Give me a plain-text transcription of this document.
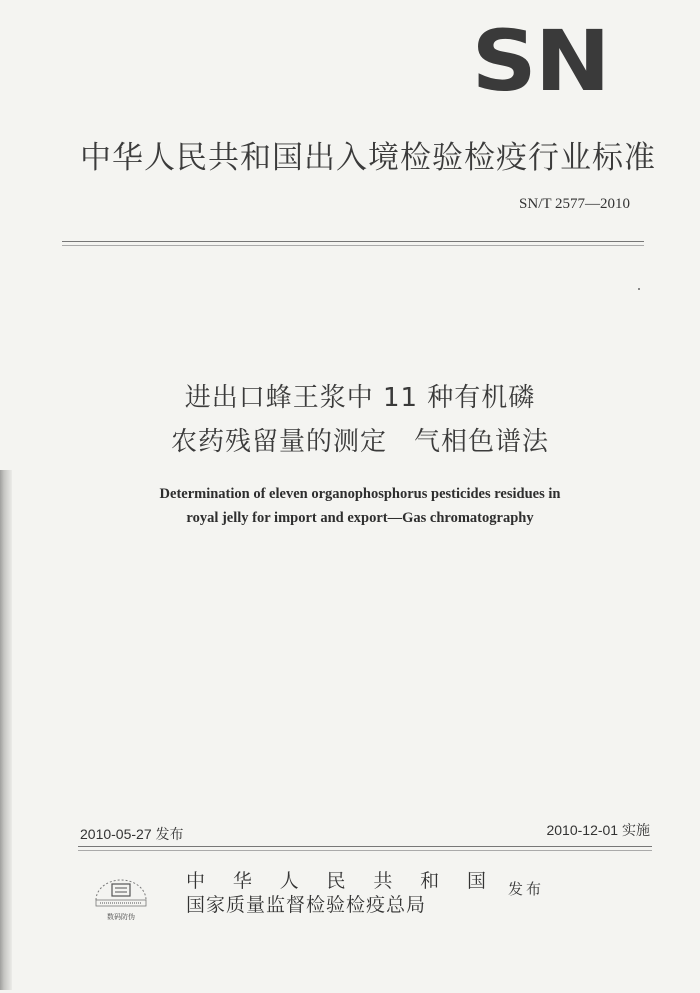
SN
中华人民共和国出入境检验检疫行业标准
SN/T 2577—2010
进出口蜂王浆中 11 种有机磷
农药残留量的测定　气相色谱法
Determination of eleven organophosphorus pesticides residues in
royal jelly for import and export—Gas chromatography
2010-05-27 发布	2010-12-01 实施
数码防伪
中 华 人 民 共 和 国
国家质量监督检验检疫总局
发布
